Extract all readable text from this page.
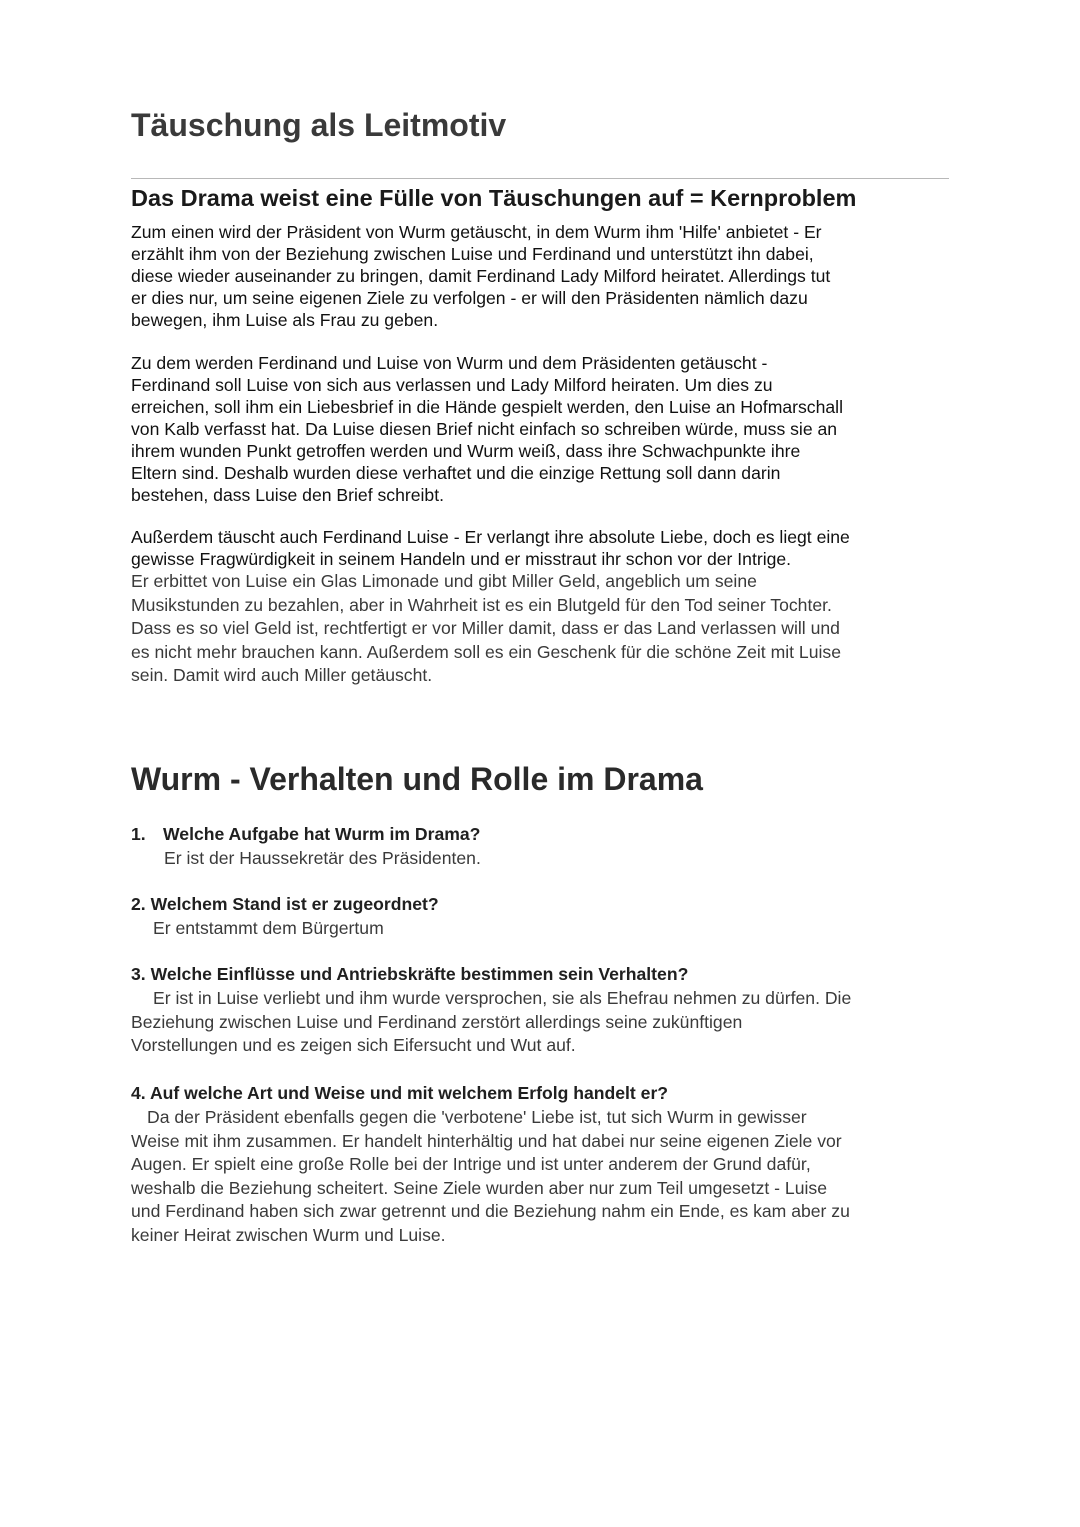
Täuschung als Leitmotiv
Das Drama weist eine Fülle von Täuschungen auf = Kernproblem

Zum einen wird der Präsident von Wurm getäuscht, in dem Wurm ihm 'Hilfe' anbietet - Er
erzählt ihm von der Beziehung zwischen Luise und Ferdinand und unterstützt ihn dabei,
diese wieder auseinander zu bringen, damit Ferdinand Lady Milford heiratet. Allerdings tut
er dies nur, um seine eigenen Ziele zu verfolgen - er will den Präsidenten nämlich dazu
bewegen, ihm Luise als Frau zu geben.

Zu dem werden Ferdinand und Luise von Wurm und dem Präsidenten getäuscht -
Ferdinand soll Luise von sich aus verlassen und Lady Milford heiraten. Um dies zu
erreichen, soll ihm ein Liebesbrief in die Hände gespielt werden, den Luise an Hofmarschall
von Kalb verfasst hat. Da Luise diesen Brief nicht einfach so schreiben würde, muss sie an
ihrem wunden Punkt getroffen werden und Wurm weiß, dass ihre Schwachpunkte ihre
Eltern sind. Deshalb wurden diese verhaftet und die einzige Rettung soll dann darin
bestehen, dass Luise den Brief schreibt.

Außerdem täuscht auch Ferdinand Luise - Er verlangt ihre absolute Liebe, doch es liegt eine
gewisse Fragwürdigkeit in seinem Handeln und er misstraut ihr schon vor der Intrige.

Er erbittet von Luise ein Glas Limonade und gibt Miller Geld, angeblich um seine
Musikstunden zu bezahlen, aber in Wahrheit ist es ein Blutgeld für den Tod seiner Tochter.
Dass es so viel Geld ist, rechtfertigt er vor Miller damit, dass er das Land verlassen will und
es nicht mehr brauchen kann. Außerdem soll es ein Geschenk für die schöne Zeit mit Luise
sein. Damit wird auch Miller getäuscht.

Wurm - Verhalten und Rolle im Drama
1. Welche Aufgabe hat Wurm im Drama?

Er ist der Haussekretär des Präsidenten.

2. Welchem Stand ist er zugeordnet?

Er entstammt dem Bürgertum

3. Welche Einflüsse und Antriebskräfte bestimmen sein Verhalten?

Er ist in Luise verliebt und ihm wurde versprochen, sie als Ehefrau nehmen zu dürfen. Die
Beziehung zwischen Luise und Ferdinand zerstört allerdings seine zukünftigen
Vorstellungen und es zeigen sich Eifersucht und Wut auf.

4. Auf welche Art und Weise und mit welchem Erfolg handelt er?

Da der Präsident ebenfalls gegen die 'verbotene' Liebe ist, tut sich Wurm in gewisser
Weise mit ihm zusammen. Er handelt hinterhältig und hat dabei nur seine eigenen Ziele vor
Augen. Er spielt eine große Rolle bei der Intrige und ist unter anderem der Grund dafür,
weshalb die Beziehung scheitert. Seine Ziele wurden aber nur zum Teil umgesetzt - Luise
und Ferdinand haben sich zwar getrennt und die Beziehung nahm ein Ende, es kam aber zu
keiner Heirat zwischen Wurm und Luise.
